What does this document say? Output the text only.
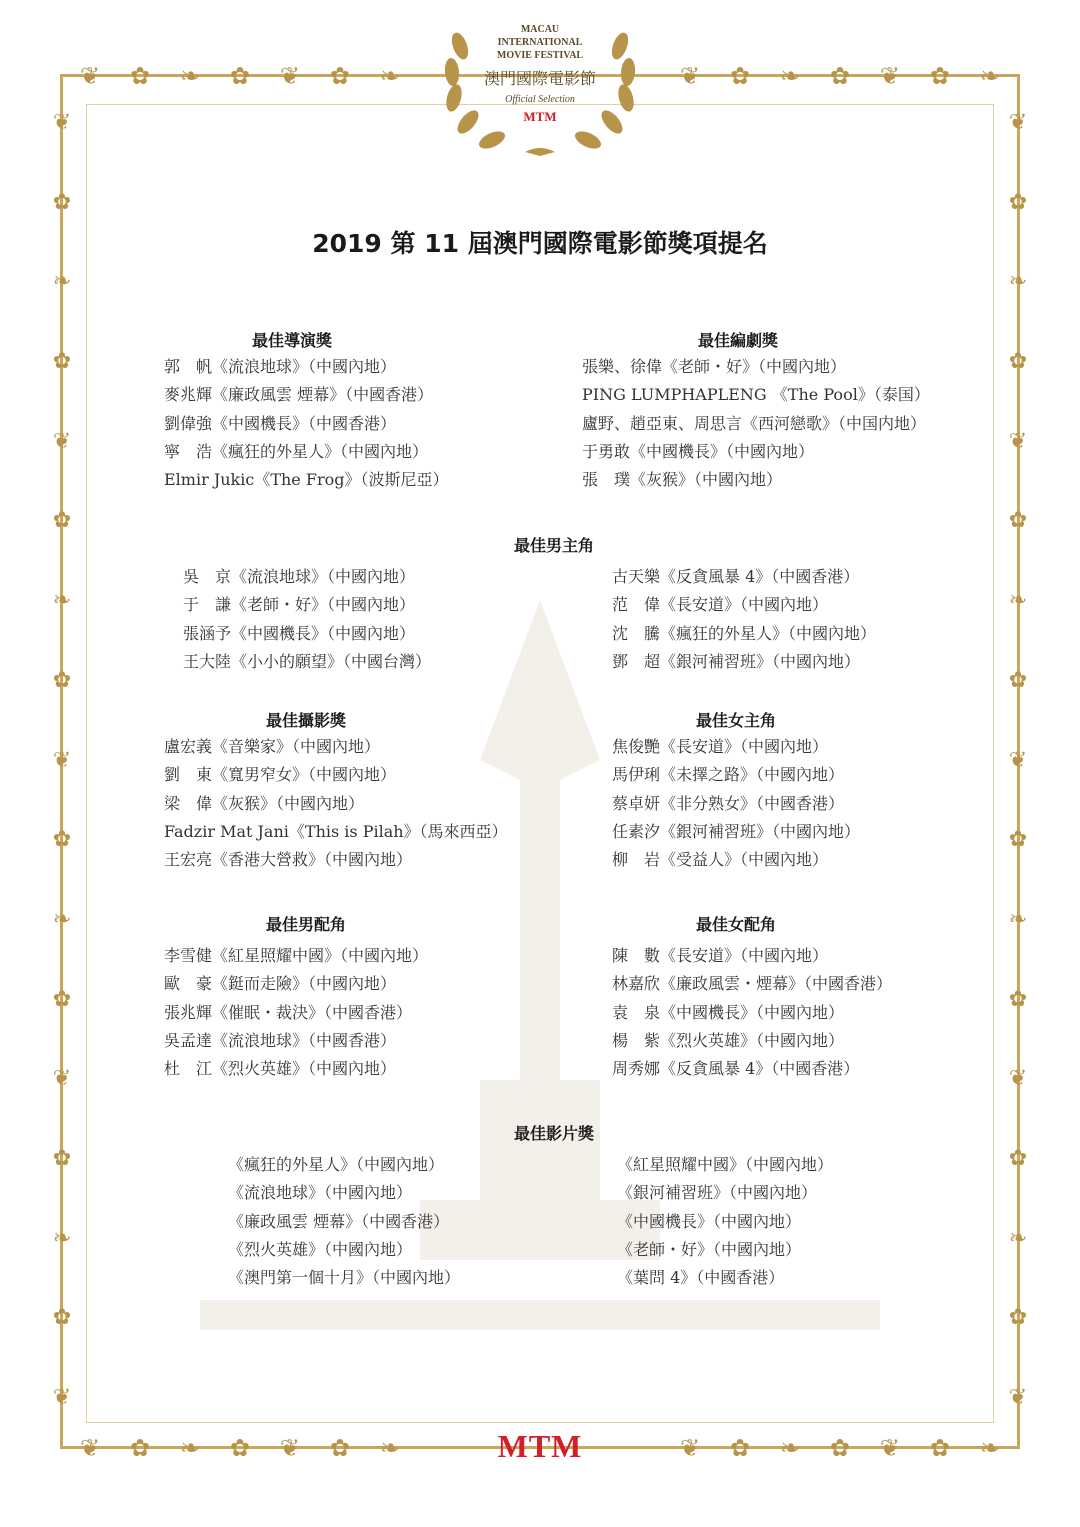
❦ ✿ ❧ ✿ ❦ ✿ ❧	❦ ✿ ❧ ✿ ❦ ✿ ❧
❦ ✿ ❧ ✿ ❦ ✿ ❧	❦ ✿ ❧ ✿ ❦ ✿ ❧
❦
✿
❧
✿
❦
✿
❧
✿
❦
✿
❧
✿
❦
✿
❧
✿
❦
❦
✿
❧
✿
❦
✿
❧
✿
❦
✿
❧
✿
❦
✿
❧
✿
❦
MACAU
INTERNATIONAL
MOVIE FESTIVAL
澳門國際電影節
Official Selection
MTM
2019 第 11 屆澳門國際電影節獎項提名
最佳導演獎
郭　帆《流浪地球》（中國內地）
麥兆輝《廉政風雲 煙幕》（中國香港）
劉偉強《中國機長》（中國香港）
寧　浩《瘋狂的外星人》（中國內地）
Elmir Jukic《The Frog》（波斯尼亞）
最佳編劇獎
張樂、徐偉《老師・好》（中國內地）
PING LUMPHAPLENG 《The Pool》（泰国）
廬野、趙亞東、周思言《西河戀歌》（中国内地）
于勇敢《中國機長》（中國內地）
張　璞《灰猴》（中國內地）
最佳男主角
吳　京《流浪地球》（中國內地）
于　謙《老師・好》（中國內地）
張涵予《中國機長》（中國內地）
王大陸《小小的願望》（中國台灣）
古天樂《反貪風暴 4》（中國香港）
范　偉《長安道》（中國內地）
沈　騰《瘋狂的外星人》（中國內地）
鄧　超《銀河補習班》（中國內地）
最佳攝影獎
盧宏義《音樂家》（中國內地）
劉　東《寬男窄女》（中國內地）
梁　偉《灰猴》（中國內地）
Fadzir Mat Jani《This is Pilah》（馬來西亞）
王宏亮《香港大營救》（中國內地）
最佳女主角
焦俊艷《長安道》（中國內地）
馬伊琍《未擇之路》（中國內地）
蔡卓妍《非分熟女》（中國香港）
任素汐《銀河補習班》（中國內地）
柳　岩《受益人》（中國內地）
最佳男配角
李雪健《紅星照耀中國》（中國內地）
歐　豪《鋌而走險》（中國內地）
張兆輝《催眠・裁決》（中國香港）
吳孟達《流浪地球》（中國香港）
杜　江《烈火英雄》（中國內地）
最佳女配角
陳　數《長安道》（中國內地）
林嘉欣《廉政風雲・煙幕》（中國香港）
袁　泉《中國機長》（中國內地）
楊　紫《烈火英雄》（中國內地）
周秀娜《反貪風暴 4》（中國香港）
最佳影片獎
《瘋狂的外星人》（中國內地）
《流浪地球》（中國內地）
《廉政風雲 煙幕》（中國香港）
《烈火英雄》（中國內地）
《澳門第一個十月》（中國內地）
《紅星照耀中國》（中國內地）
《銀河補習班》（中國內地）
《中國機長》（中國內地）
《老師・好》（中國內地）
《葉問 4》（中國香港）
MTM
